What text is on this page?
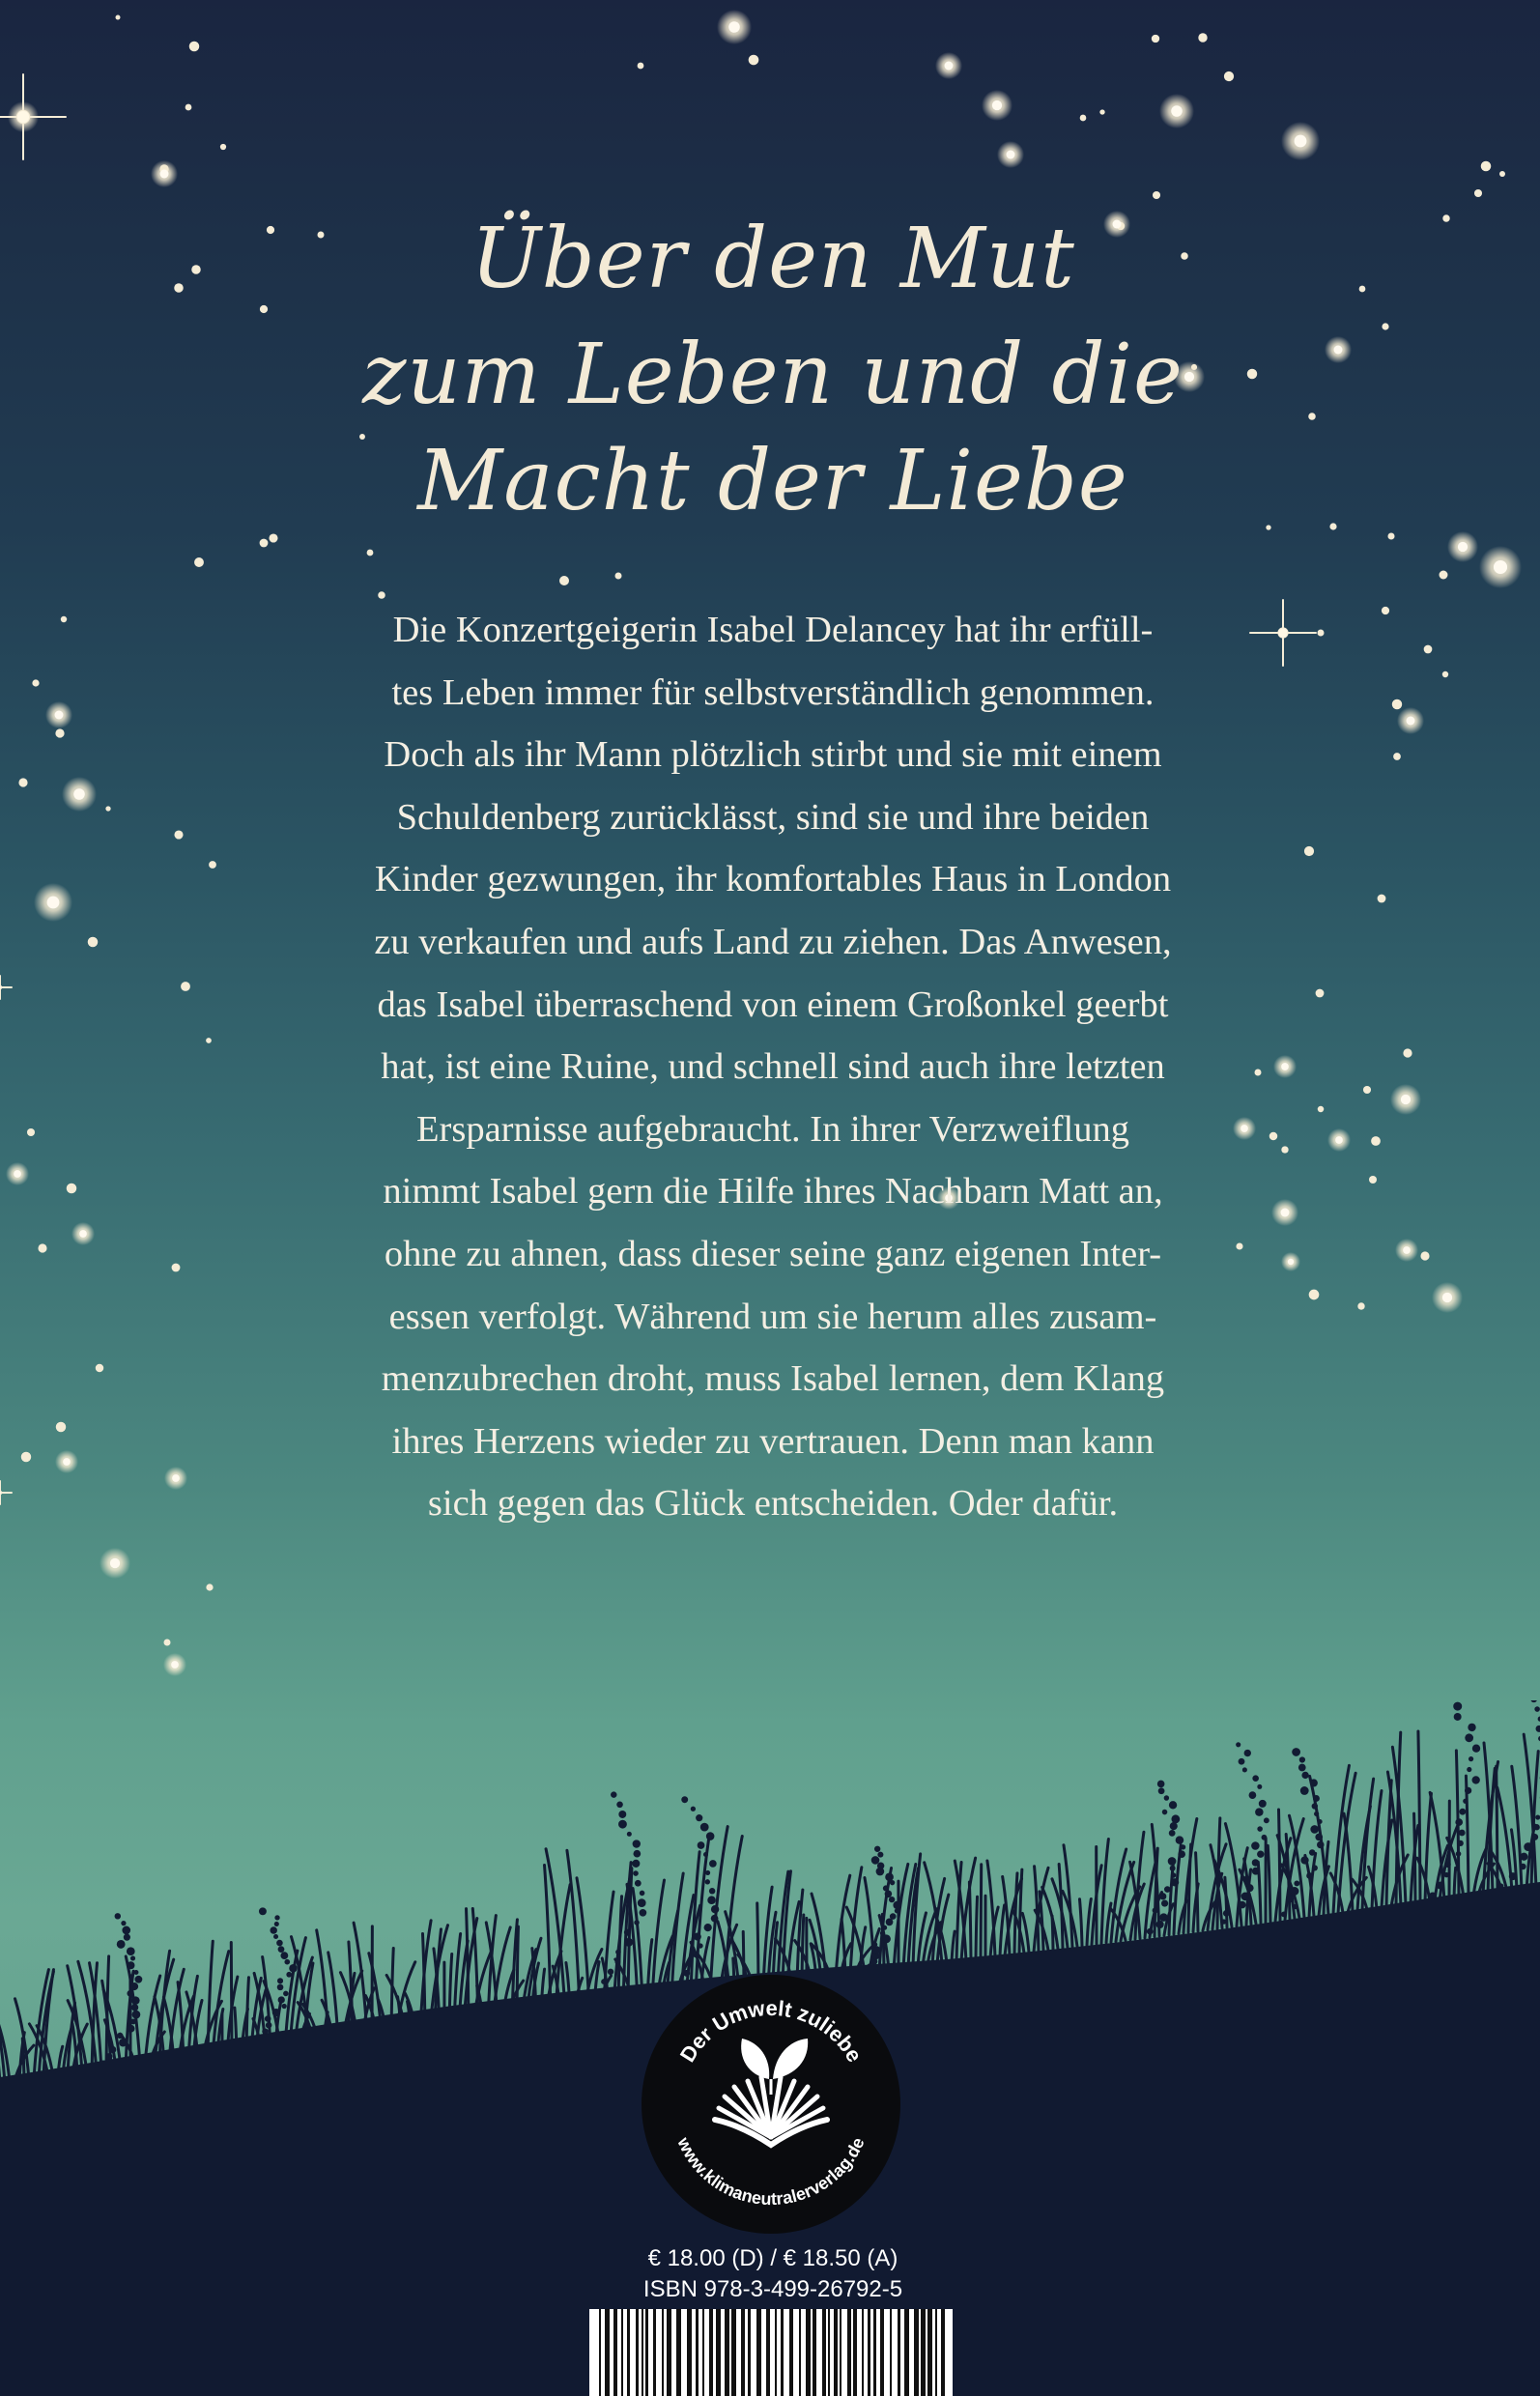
Über den Mut
zum Leben und die
Macht der Liebe

Die Konzertgeigerin Isabel Delancey hat ihr erfüll-
tes Leben immer für selbstverständlich genommen.
Doch als ihr Mann plötzlich stirbt und sie mit einem
Schuldenberg zurücklässt, sind sie und ihre beiden
Kinder gezwungen, ihr komfortables Haus in London
zu verkaufen und aufs Land zu ziehen. Das Anwesen,
das Isabel überraschend von einem Großonkel geerbt
hat, ist eine Ruine, und schnell sind auch ihre letzten
Ersparnisse aufgebraucht. In ihrer Verzweiflung
nimmt Isabel gern die Hilfe ihres Nachbarn Matt an,
ohne zu ahnen, dass dieser seine ganz eigenen Inter-
essen verfolgt. Während um sie herum alles zusam-
menzubrechen droht, muss Isabel lernen, dem Klang
ihres Herzens wieder zu vertrauen. Denn man kann
sich gegen das Glück entscheiden. Oder dafür.

Der Umwelt zuliebe
www.klimaneutralerverlag.de
€ 18.00 (D) / € 18.50 (A)
ISBN 978-3-499-26792-5
